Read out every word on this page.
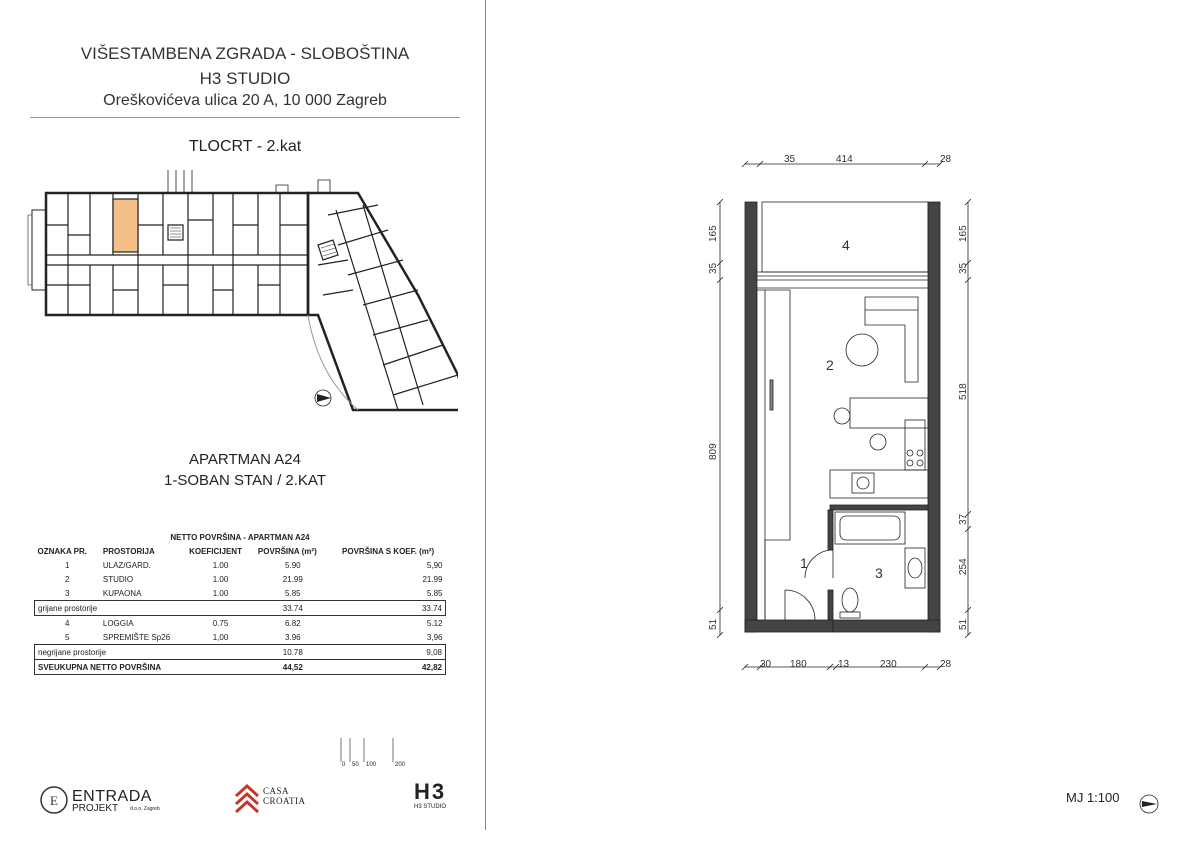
VIŠESTAMBENA ZGRADA - SLOBOŠTINA
H3 STUDIO
Oreškovićeva ulica 20 A, 10 000 Zagreb
TLOCRT - 2.kat
APARTMAN A24
1-SOBAN STAN / 2.KAT
NETTO POVRŠINA - APARTMAN A24				
OZNAKA PR.	PROSTORIJA	KOEFICIJENT	POVRŠINA (m²)	POVRŠINA S KOEF. (m²)
1	ULAZ/GARD.	1.00	5.90	5,90
2	STUDIO	1.00	21.99	21.99
3	KUPAONA	1.00	5.85	5.85
grijane prostorije			33.74	33.74
4	LOGGIA	0.75	6.82	5.12
5	SPREMIŠTE Sp26	1,00	3.96	3,96
negrijane prostorije			10.78	9,08
SVEUKUPNA NETTO POVRŠINA			44,52	42,82
0 50 100	200
E ENTRADA
PROJEKT d.o.o. Zagreb
CASA
CROATIA	H3
H3 STUDIO
35	414	28
30 180	13	230	28
165
35
809
51
165
35
518
37
254
51
1
2
3
4
MJ 1:100
